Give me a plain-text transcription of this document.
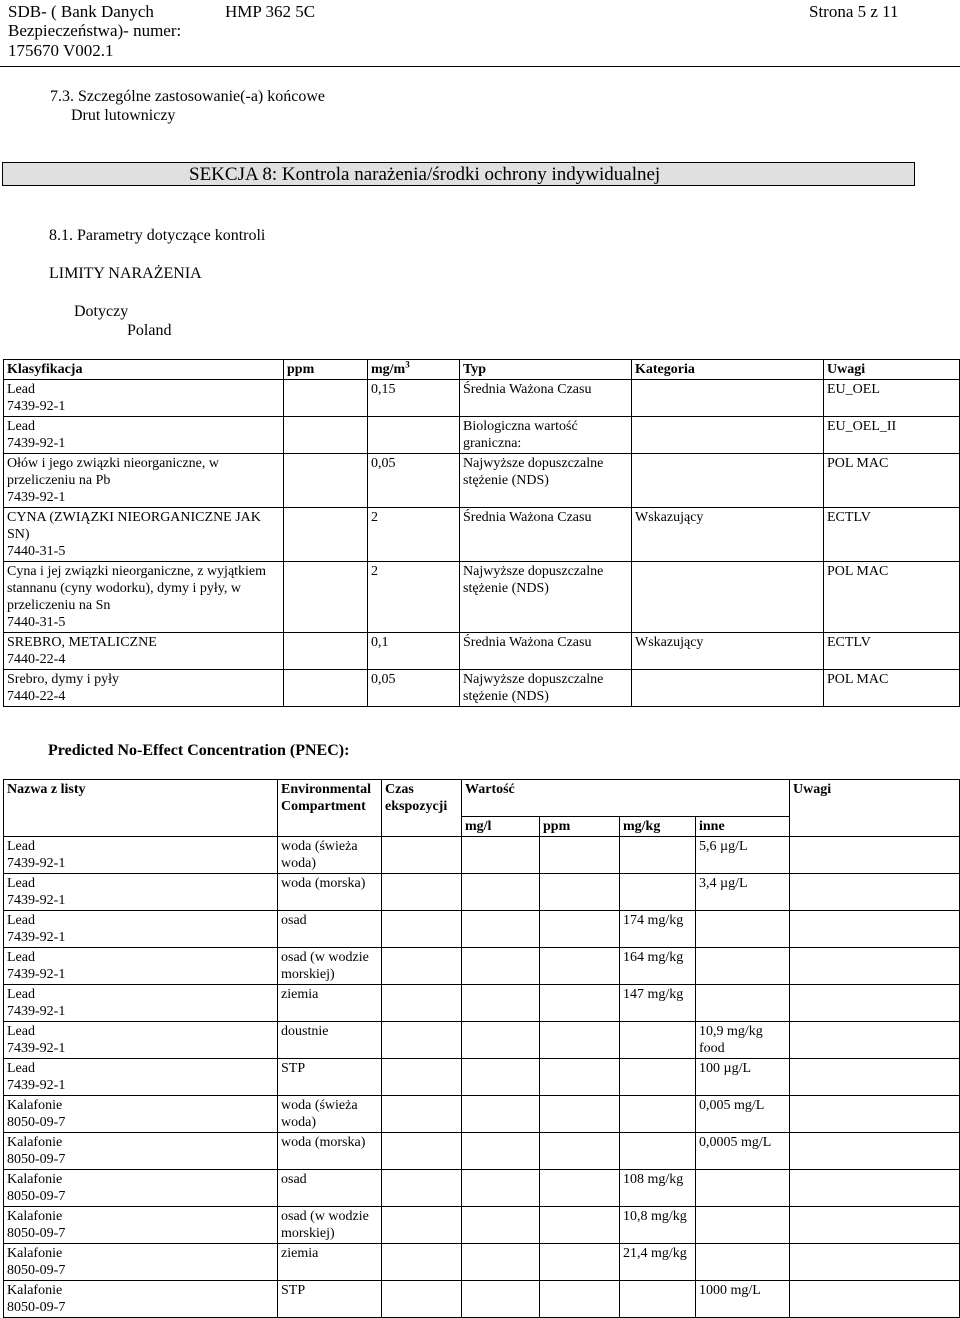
SDB- ( Bank Danych
Bezpieczeństwa)- numer:
175670 V002.1
HMP 362 5C	Strona 5 z 11
7.3. Szczególne zastosowanie(-a) końcowe
Drut lutowniczy
SEKCJA 8: Kontrola narażenia/środki ochrony indywidualnej
8.1. Parametry dotyczące kontroli
LIMITY NARAŻENIA
Dotyczy
Poland
Klasyfikacja	ppm	$mg/m^3$	Typ	Kategoria	Uwagi

Lead
7439-92-1		0,15	Średnia Ważona Czasu		EU_OEL

Lead
7439-92-1			Biologiczna wartość graniczna:		EU_OEL_II

Ołów i jego związki nieorganiczne, w przeliczeniu na Pb
7439-92-1		0,05	Najwyższe dopuszczalne stężenie (NDS)		POL MAC

CYNA (ZWIĄZKI NIEORGANICZNE JAK SN)
7440-31-5		2	Średnia Ważona Czasu	Wskazujący	ECTLV

Cyna i jej związki nieorganiczne, z wyjątkiem stannanu (cyny wodorku), dymy i pyły, w przeliczeniu na Sn
7440-31-5		2	Najwyższe dopuszczalne stężenie (NDS)		POL MAC

SREBRO, METALICZNE
7440-22-4		0,1	Średnia Ważona Czasu	Wskazujący	ECTLV

Srebro, dymy i pyły
7440-22-4		0,05	Najwyższe dopuszczalne stężenie (NDS)		POL MAC
Predicted No-Effect Concentration (PNEC):
Nazwa z listy	Environmental Compartment	Czas ekspozycji	Wartość				Uwagi
			mg/l	ppm	mg/kg	inne	

Lead
7439-92-1	woda (świeża woda)					5,6 µg/L	

Lead
7439-92-1	woda (morska)					3,4 µg/L	

Lead
7439-92-1	osad				174 mg/kg		

Lead
7439-92-1	osad (w wodzie morskiej)				164 mg/kg		

Lead
7439-92-1	ziemia				147 mg/kg		

Lead
7439-92-1	doustnie					10,9 mg/kg food	

Lead
7439-92-1	STP					100 µg/L	

Kalafonie
8050-09-7	woda (świeża woda)					0,005 mg/L	

Kalafonie
8050-09-7	woda (morska)					0,0005 mg/L	

Kalafonie
8050-09-7	osad				108 mg/kg		

Kalafonie
8050-09-7	osad (w wodzie morskiej)				10,8 mg/kg		

Kalafonie
8050-09-7	ziemia				21,4 mg/kg		

Kalafonie
8050-09-7	STP					1000 mg/L	
